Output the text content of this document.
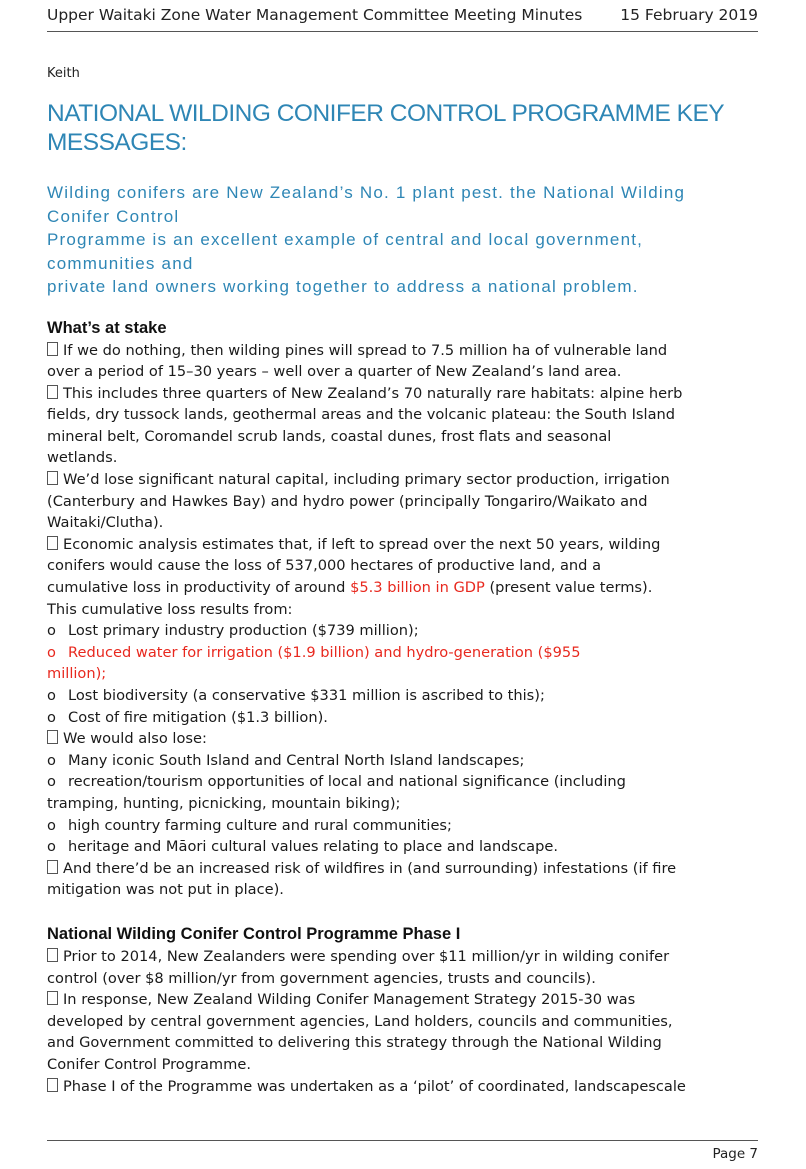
Upper Waitaki Zone Water Management Committee Meeting Minutes 15 February 2019
Keith
NATIONAL WILDING CONIFER CONTROL PROGRAMME KEY
MESSAGES:
Wilding conifers are New Zealand’s No. 1 plant pest. the National Wilding
Conifer Control
Programme is an excellent example of central and local government,
communities and
private land owners working together to address a national problem.
What’s at stake

If we do nothing, then wilding pines will spread to 7.5 million ha of vulnerable land

over a period of 15–30 years – well over a quarter of New Zealand’s land area.

This includes three quarters of New Zealand’s 70 naturally rare habitats: alpine herb

fields, dry tussock lands, geothermal areas and the volcanic plateau: the South Island

mineral belt, Coromandel scrub lands, coastal dunes, frost flats and seasonal

wetlands.

We’d lose significant natural capital, including primary sector production, irrigation

(Canterbury and Hawkes Bay) and hydro power (principally Tongariro/Waikato and

Waitaki/Clutha).

Economic analysis estimates that, if left to spread over the next 50 years, wilding

conifers would cause the loss of 537,000 hectares of productive land, and a

cumulative loss in productivity of around $5.3 billion in GDP (present value terms).

This cumulative loss results from:

o Lost primary industry production ($739 million);

o Reduced water for irrigation ($1.9 billion) and hydro-generation ($955

million);

o Lost biodiversity (a conservative $331 million is ascribed to this);

o Cost of fire mitigation ($1.3 billion).

We would also lose:

o Many iconic South Island and Central North Island landscapes;

o recreation/tourism opportunities of local and national significance (including

tramping, hunting, picnicking, mountain biking);

o high country farming culture and rural communities;

o heritage and Māori cultural values relating to place and landscape.

And there’d be an increased risk of wildfires in (and surrounding) infestations (if fire

mitigation was not put in place).

National Wilding Conifer Control Programme Phase I

Prior to 2014, New Zealanders were spending over $11 million/yr in wilding conifer

control (over $8 million/yr from government agencies, trusts and councils).

In response, New Zealand Wilding Conifer Management Strategy 2015-30 was

developed by central government agencies, Land holders, councils and communities,

and Government committed to delivering this strategy through the National Wilding

Conifer Control Programme.

Phase I of the Programme was undertaken as a ‘pilot’ of coordinated, landscapescale

Page 7
